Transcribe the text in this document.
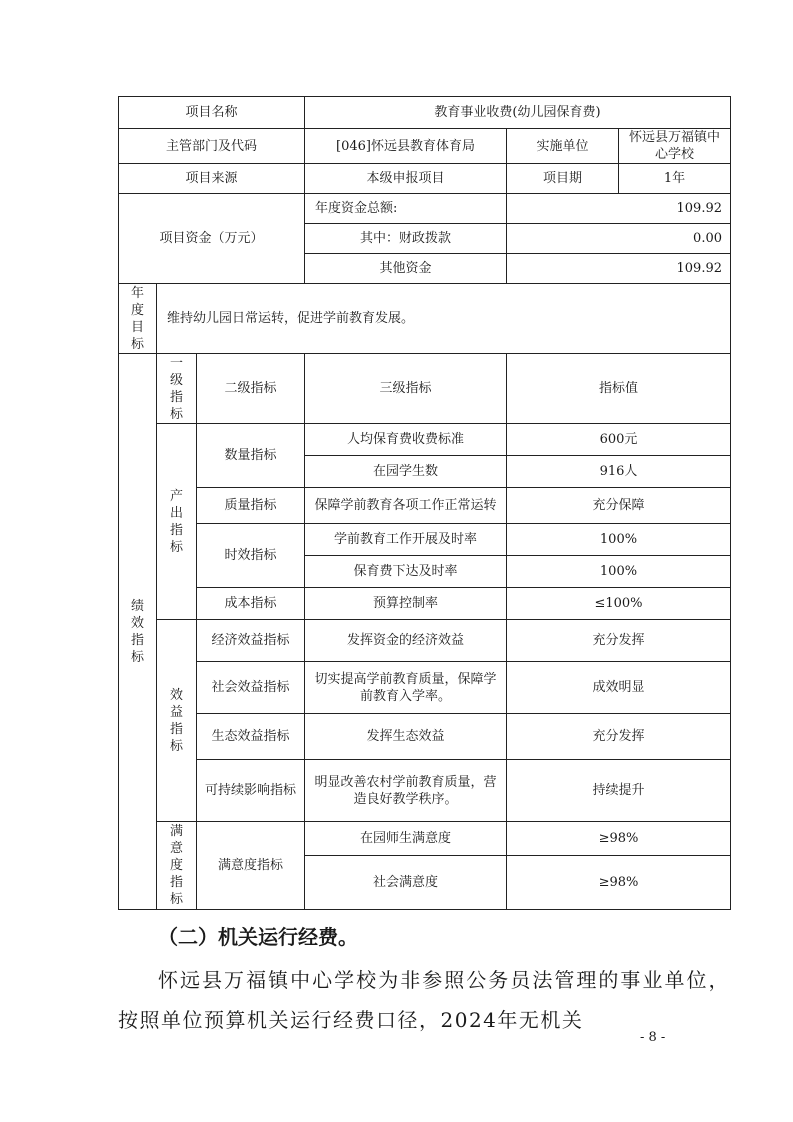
项目名称			教育事业收费(幼儿园保育费)		
主管部门及代码			[046]怀远县教育体育局	实施单位	怀远县万福镇中心学校
项目来源			本级申报项目	项目期	1年
项目资金（万元）			年度资金总额:	109.92	
			其中：财政拨款	0.00	
			其他资金	109.92	
年度目标	维持幼儿园日常运转，促进学前教育发展。				
绩效指标	一级指标	二级指标	三级指标	指标值	
	产出指标	数量指标	人均保育费收费标准	600元	
			在园学生数	916人	
		质量指标	保障学前教育各项工作正常运转	充分保障	
		时效指标	学前教育工作开展及时率	100%	
			保育费下达及时率	100%	
		成本指标	预算控制率	≤100%	
	效益指标	经济效益指标	发挥资金的经济效益	充分发挥	
		社会效益指标	切实提高学前教育质量，保障学前教育入学率。	成效明显	
		生态效益指标	发挥生态效益	充分发挥	
		可持续影响指标	明显改善农村学前教育质量，营造良好教学秩序。	持续提升	
	满意度指标	满意度指标	在园师生满意度	≥98%	
			社会满意度	≥98%	

（二）机关运行经费。

怀远县万福镇中心学校为非参照公务员法管理的事业单位，按照单位预算机关运行经费口径，2024年无机关

- 8 -
